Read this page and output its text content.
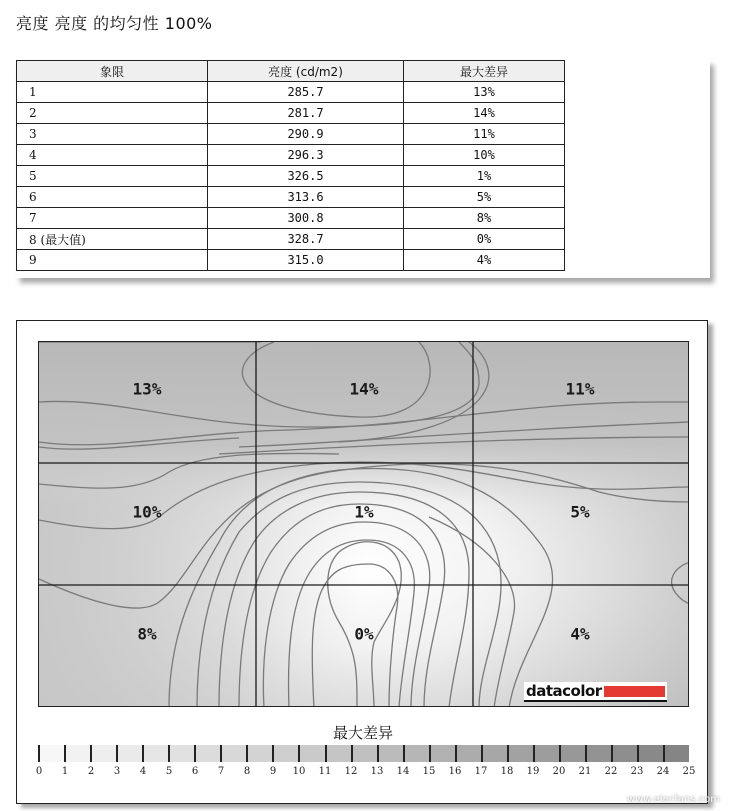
亮度 亮度 的均匀性 100%
象限	亮度 (cd/m2)	最大差异
1	285.7	13%
2	281.7	14%
3	290.9	11%
4	296.3	10%
5	326.5	1%
6	313.6	5%
7	300.8	8%
8 (最大值)	328.7	0%
9	315.0	4%
13%	14%	11%
10%	1%	5%
8%	0%	4%
datacolor
最大差异
0 1 2 3 4 5 6 7 8 9 10 11 12 13 14 15 16 17 18 19 20 21 22 23 24 25
www.elecfans.com
